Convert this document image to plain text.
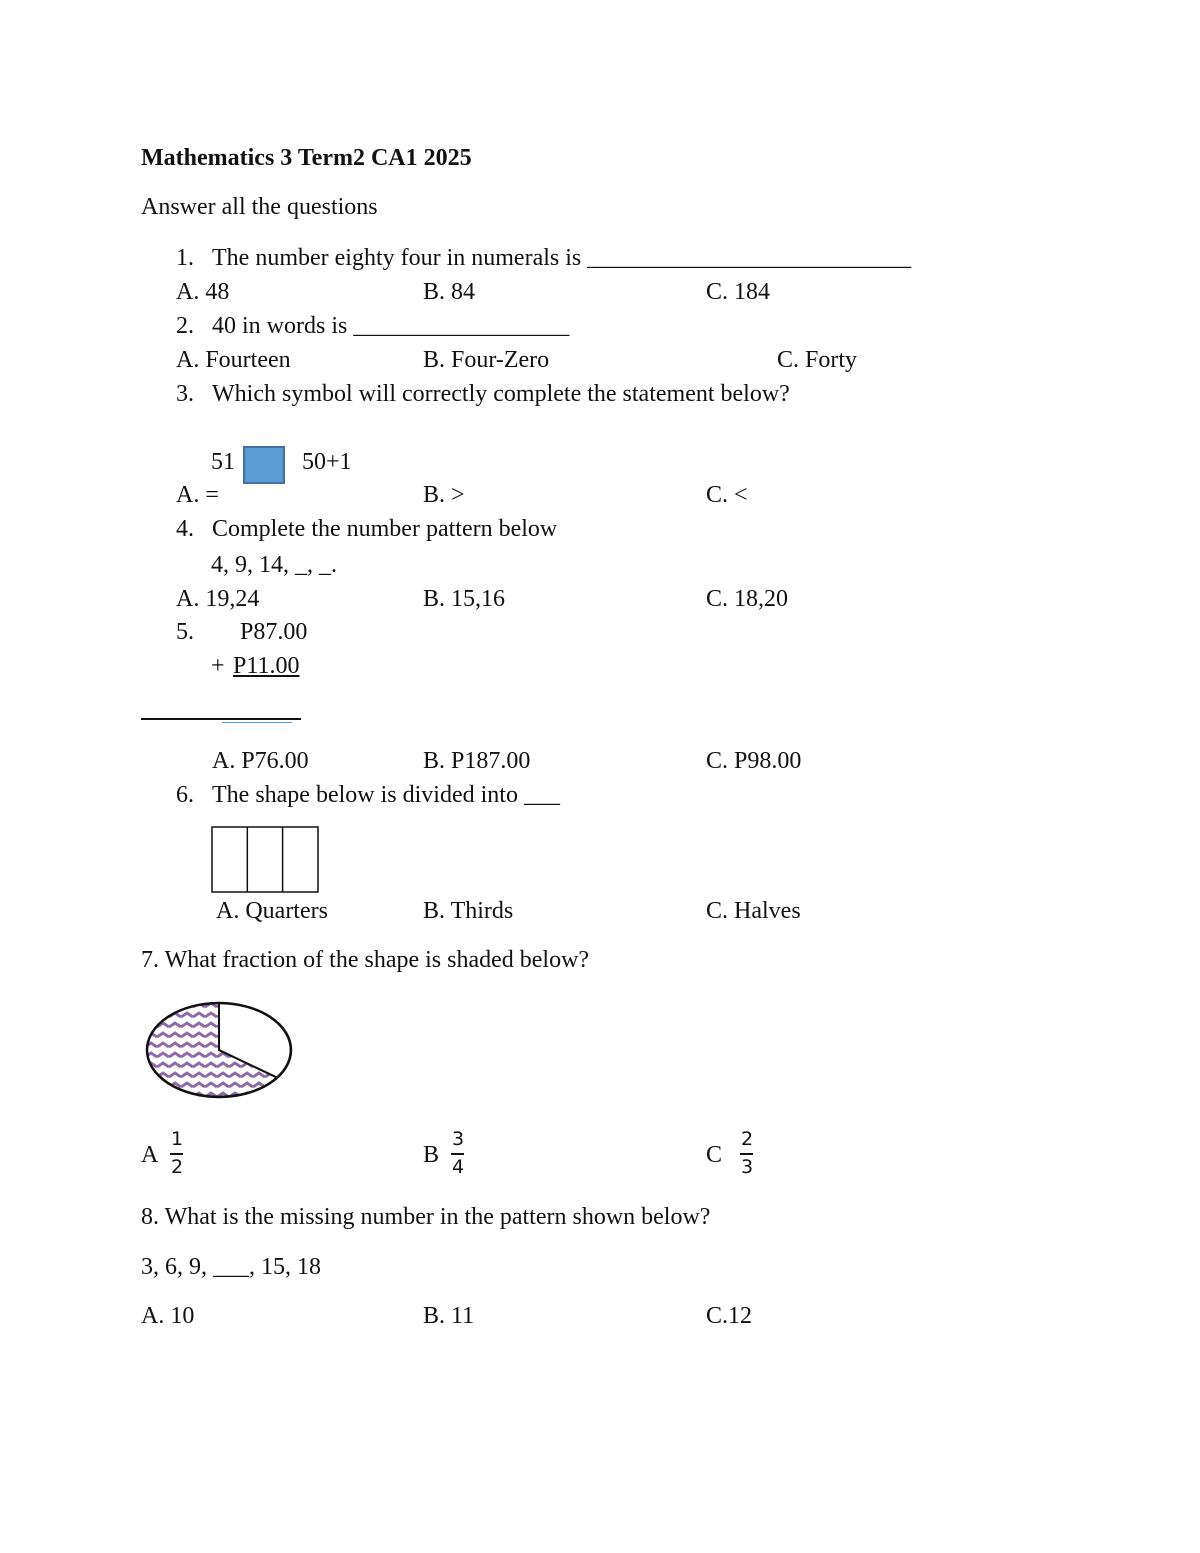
Mathematics 3 Term2 CA1 2025
Answer all the questions
1. The number eighty four in numerals is ___________________________
A. 48	B. 84	C. 184
2. 40 in words is __________________
A. Fourteen	B. Four-Zero	C. Forty
3. Which symbol will correctly complete the statement below?
51	50+1
A. =	B. >	C. <
4. Complete the number pattern below
4, 9, 14, _, _.
A. 19,24	B. 15,16	C. 18,20
5. P87.00
+ P11.00
A. P76.00	B. P187.00	C. P98.00
6. The shape below is divided into ___
A. Quarters	B. Thirds	C. Halves
7. What fraction of the shape is shaded below?
A
1
2	B
3
4	C
2
3
8. What is the missing number in the pattern shown below?
3, 6, 9, ___, 15, 18
A. 10	B. 11	C.12
